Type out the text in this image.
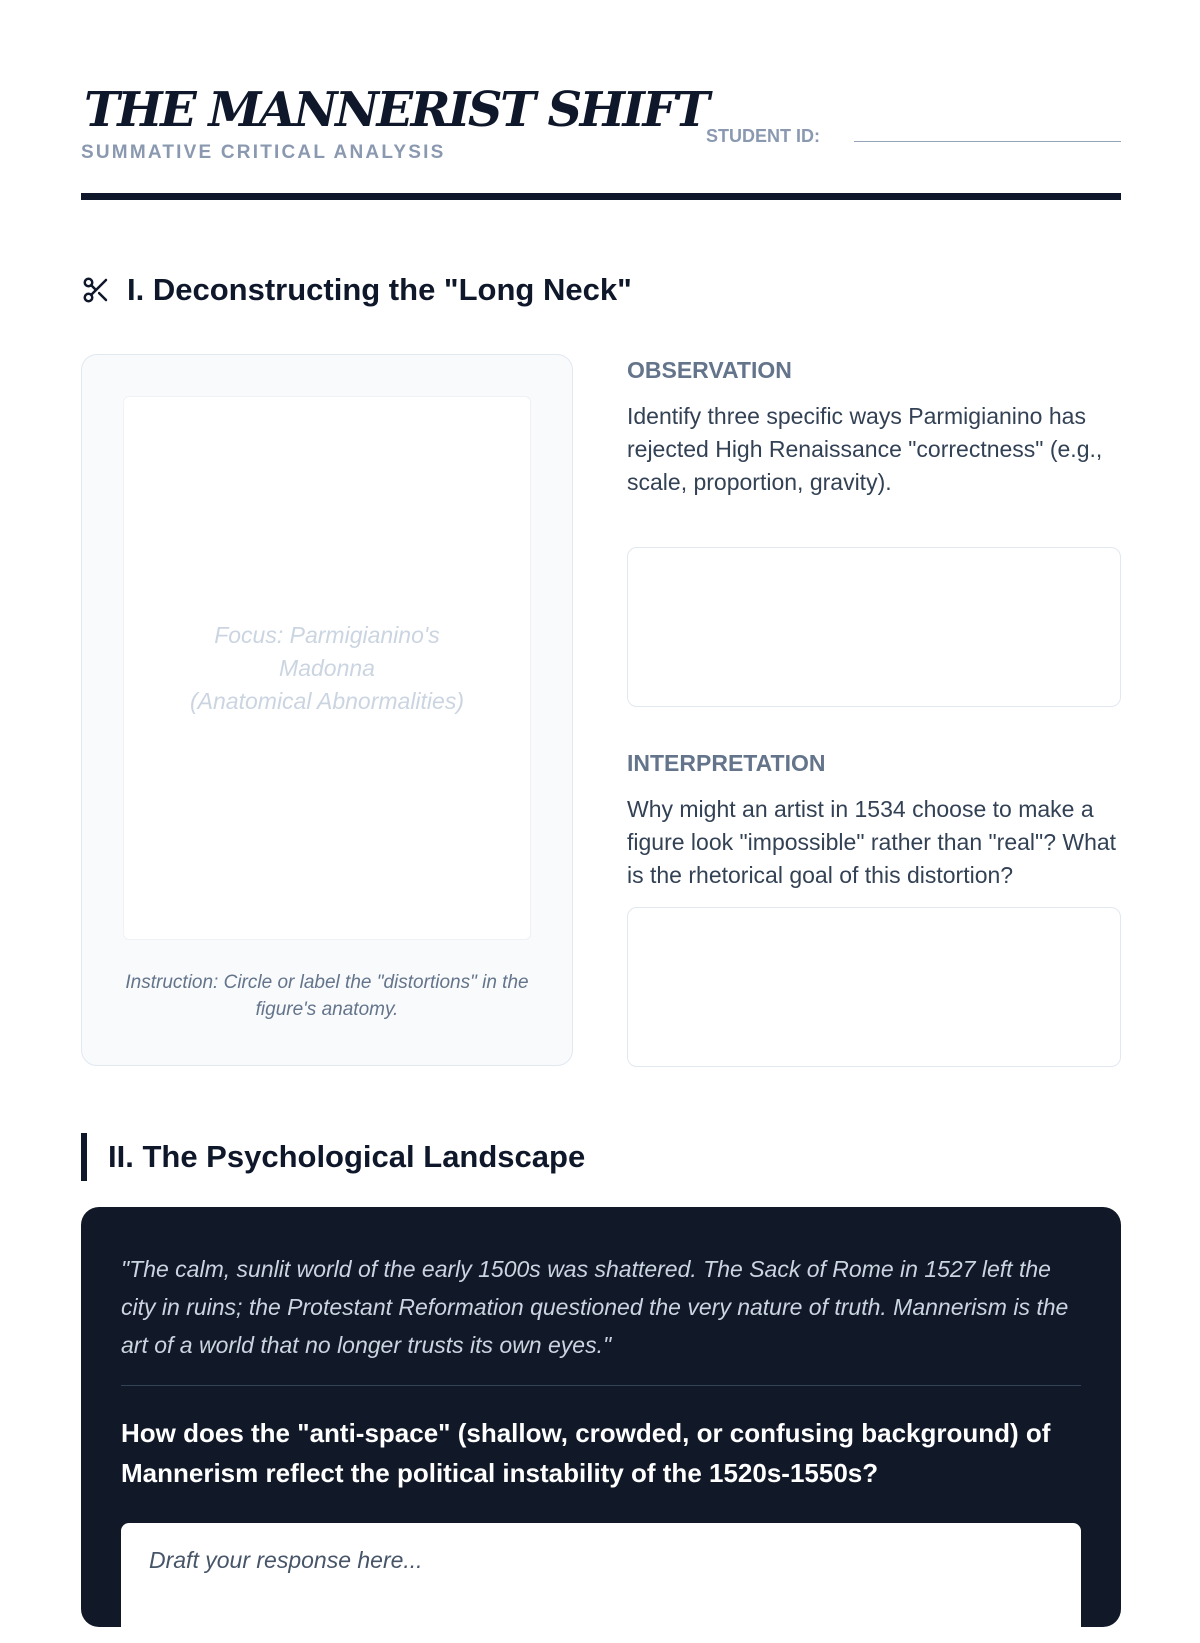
THE MANNERIST SHIFT
SUMMATIVE CRITICAL ANALYSIS
STUDENT ID:
I. Deconstructing the "Long Neck"
Focus: Parmigianino's
Madonna
(Anatomical Abnormalities)
Instruction: Circle or label the "distortions" in the figure's anatomy.

OBSERVATION

Identify three specific ways Parmigianino has rejected High Renaissance "correctness" (e.g., scale, proportion, gravity).

INTERPRETATION

Why might an artist in 1534 choose to make a figure look "impossible" rather than "real"? What is the rhetorical goal of this distortion?

II. The Psychological Landscape

"The calm, sunlit world of the early 1500s was shattered. The Sack of Rome in 1527 left the city in ruins; the Protestant Reformation questioned the very nature of truth. Mannerism is the art of a world that no longer trusts its own eyes."

How does the "anti-space" (shallow, crowded, or confusing background) of Mannerism reflect the political instability of the 1520s-1550s?

Draft your response here...
